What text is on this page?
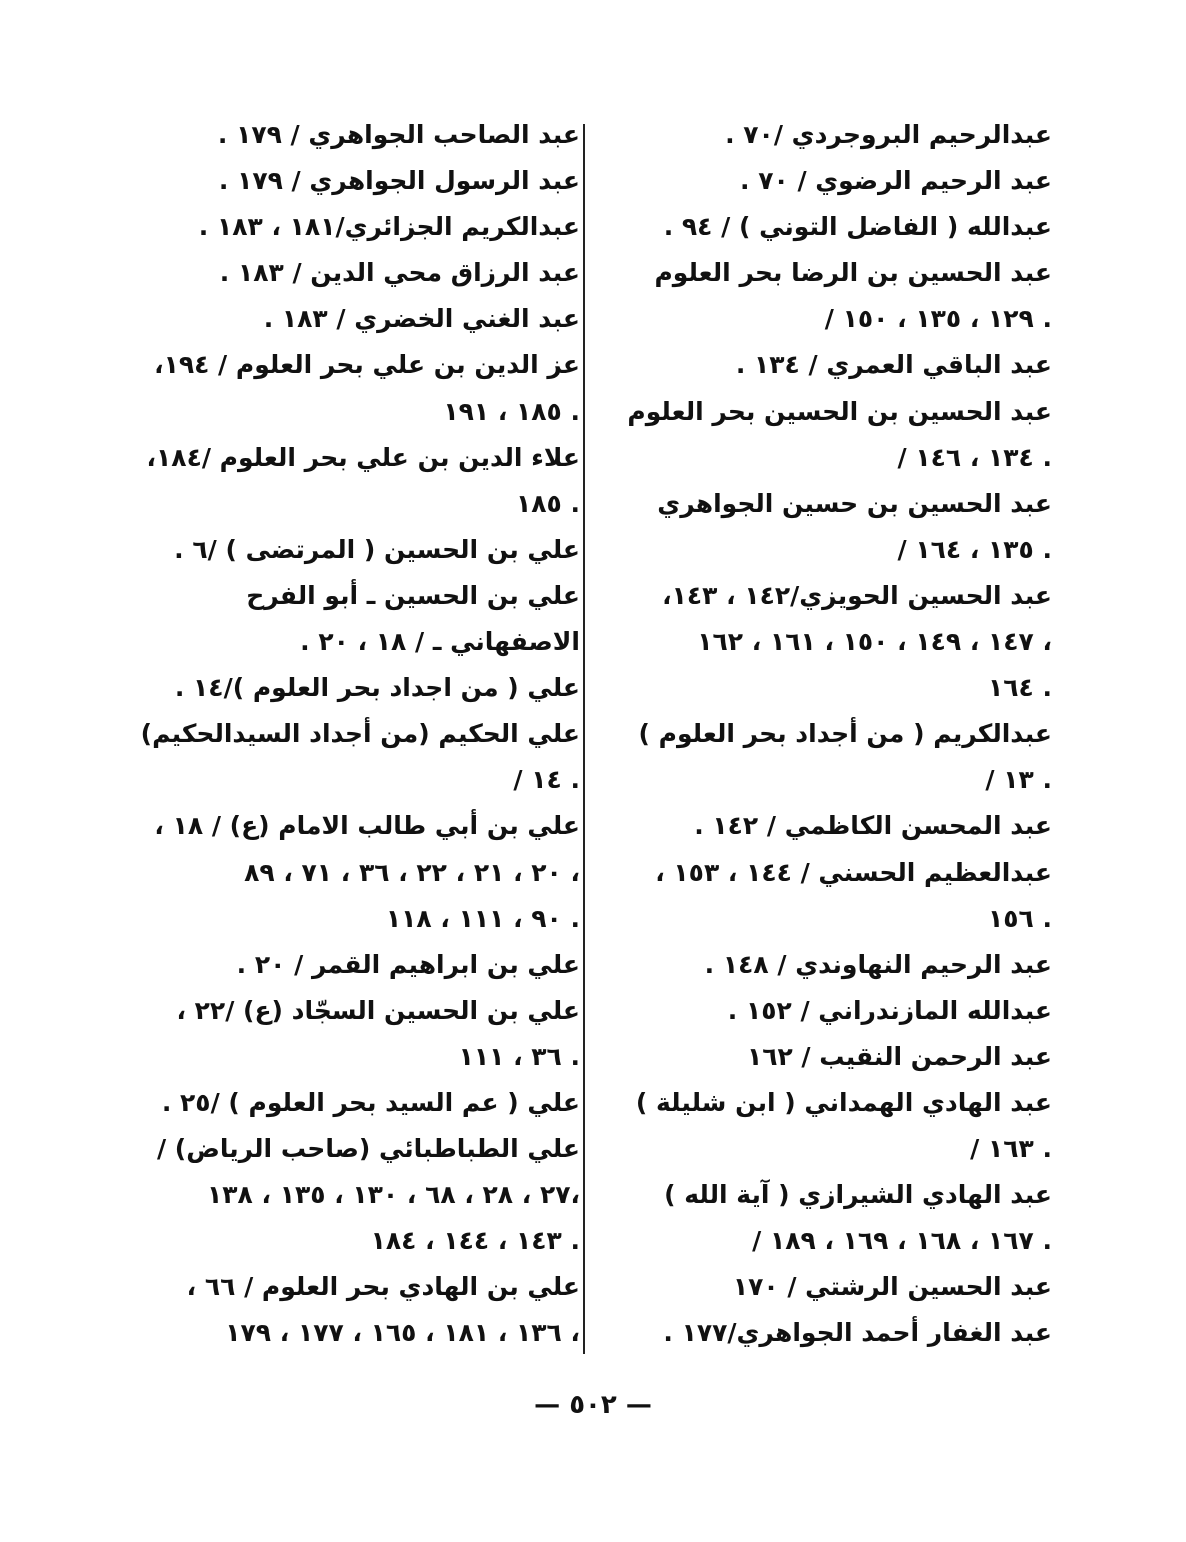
عبدالرحيم البروجردي /٧٠ .
عبد الرحيم الرضوي / ٧٠ .
عبدالله ( الفاضل التوني ) / ٩٤ .
عبد الحسين بن الرضا بحر العلوم
/ ١٢٩ ، ١٣٥ ، ١٥٠ .
عبد الباقي العمري / ١٣٤ .
عبد الحسين بن الحسين بحر العلوم
/ ١٣٤ ، ١٤٦ .
عبد الحسين بن حسين الجواهري
/ ١٣٥ ، ١٦٤ .
عبد الحسين الحويزي/١٤٢ ، ١٤٣،
١٤٧ ، ١٤٩ ، ١٥٠ ، ١٦١ ، ١٦٢ ،
١٦٤ .
عبدالكريم ( من أجداد بحر العلوم )
/ ١٣ .
عبد المحسن الكاظمي / ١٤٢ .
عبدالعظيم الحسني / ١٤٤ ، ١٥٣ ،
١٥٦ .
عبد الرحيم النهاوندي / ١٤٨ .
عبدالله المازندراني / ١٥٢ .
عبد الرحمن النقيب / ١٦٢
عبد الهادي الهمداني ( ابن شليلة )
/ ١٦٣ .
عبد الهادي الشيرازي ( آية الله )
/ ١٦٧ ، ١٦٨ ، ١٦٩ ، ١٨٩ .
عبد الحسين الرشتي / ١٧٠
عبد الغفار أحمد الجواهري/١٧٧ .
عبد الصاحب الجواهري / ١٧٩ .
عبد الرسول الجواهري / ١٧٩ .
عبدالكريم الجزائري/١٨١ ، ١٨٣ .
عبد الرزاق محي الدين / ١٨٣ .
عبد الغني الخضري / ١٨٣ .
عز الدين بن علي بحر العلوم / ١٩٤،
١٨٥ ، ١٩١ .
علاء الدين بن علي بحر العلوم /١٨٤،
١٨٥ .
علي بن الحسين ( المرتضى ) /٦ .
علي بن الحسين ـ أبو الفرح
الاصفهاني ـ / ١٨ ، ٢٠ .
علي ( من اجداد بحر العلوم )/١٤ .
علي الحكيم (من أجداد السيدالحكيم)
/ ١٤ .
علي بن أبي طالب الامام (ع) / ١٨ ،
٢٠ ، ٢١ ، ٢٢ ، ٣٦ ، ٧١ ، ٨٩ ،
٩٠ ، ١١١ ، ١١٨ .
علي بن ابراهيم القمر / ٢٠ .
علي بن الحسين السجّاد (ع) /٢٢ ،
٣٦ ، ١١١ .
علي ( عم السيد بحر العلوم ) /٢٥ .
علي الطباطبائي (صاحب الرياض) /
٢٧ ، ٢٨ ، ٦٨ ، ١٣٠ ، ١٣٥ ، ١٣٨،
١٤٣ ، ١٤٤ ، ١٨٤ .
علي بن الهادي بحر العلوم / ٦٦ ،
١٣٦ ، ١٨١ ، ١٦٥ ، ١٧٧ ، ١٧٩ ،
— ٥٠٢ —
